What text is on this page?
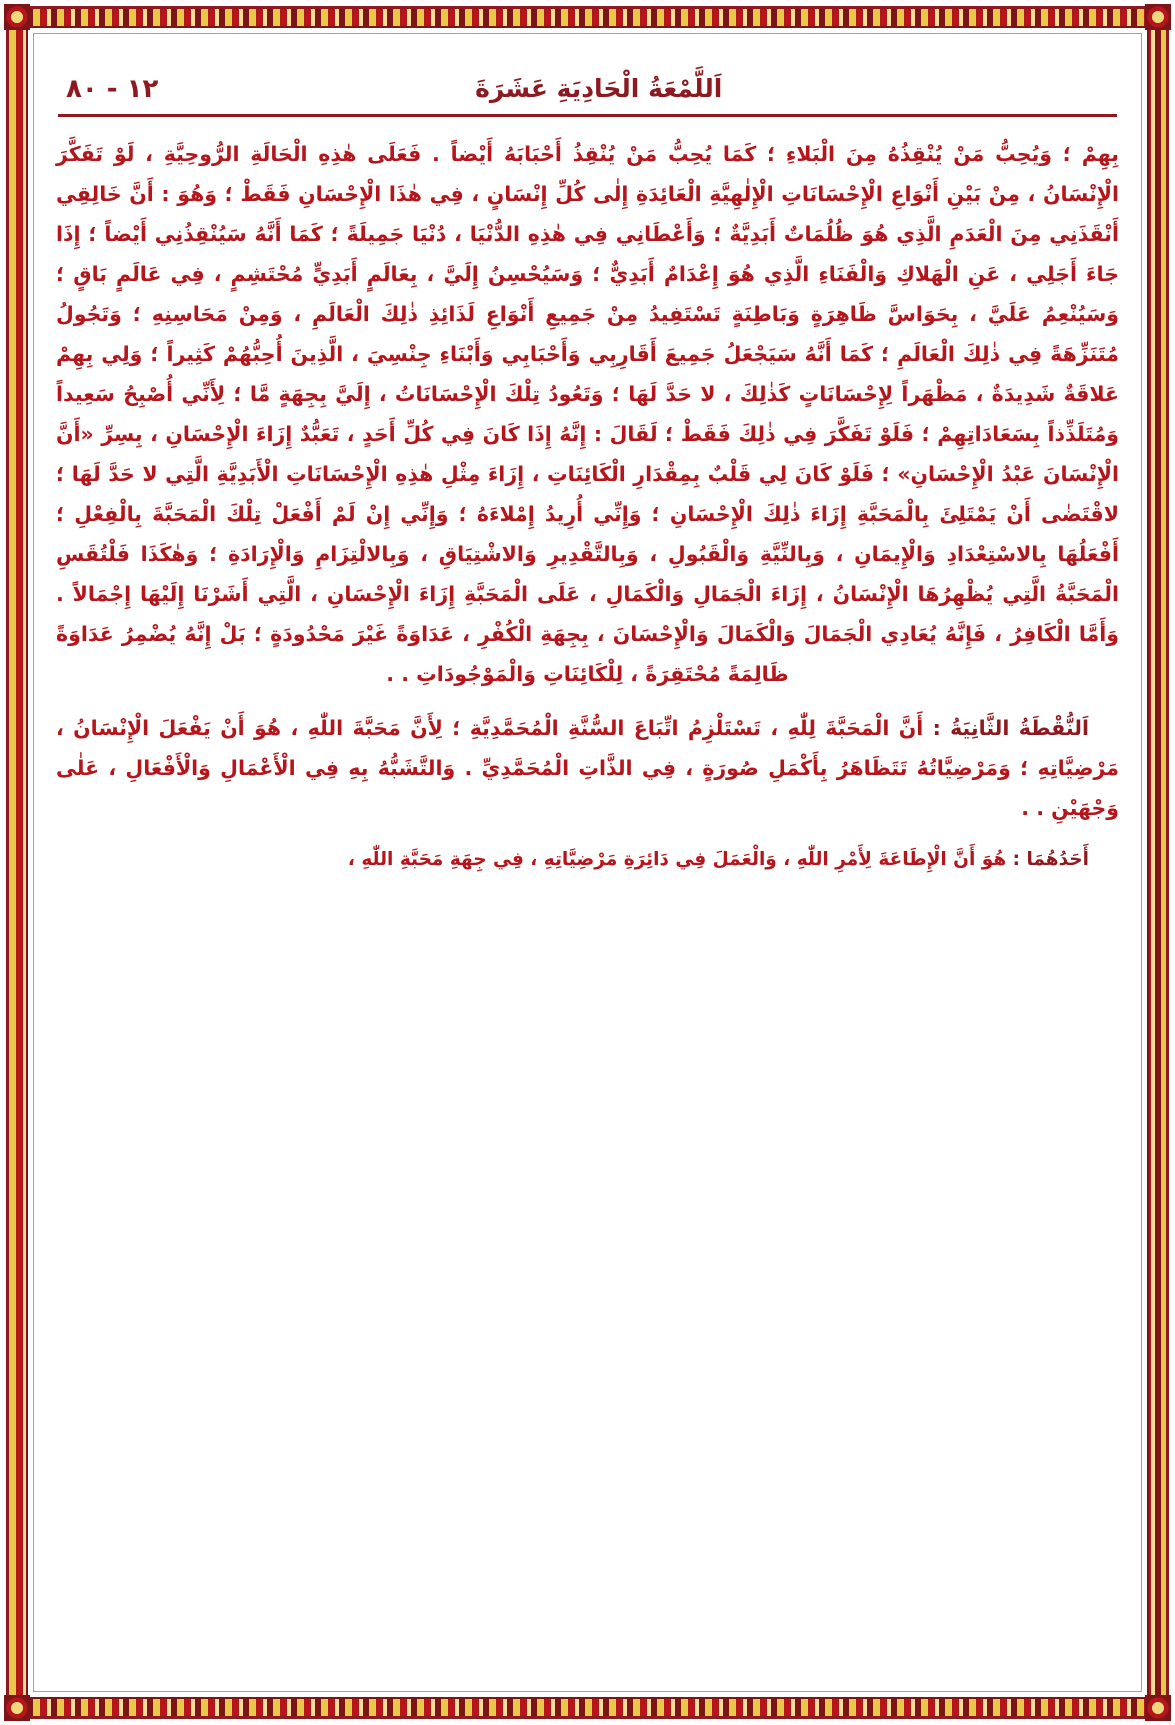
اَللَّمْعَةُ الْحَادِيَةِ عَشَرَةَ
١٢ - ٨٠

بِهِمْ ؛ وَيُحِبُّ مَنْ يُنْقِذُهُ مِنَ الْبَلاءِ ؛ كَمَا يُحِبُّ مَنْ يُنْقِذُ أَحْبَابَهُ أَيْضاً . فَعَلَى هٰذِهِ الْحَالَةِ الرُّوحِيَّةِ ، لَوْ تَفَكَّرَ الْإِنْسَانُ ، مِنْ بَيْنِ أَنْوَاعِ الْإِحْسَانَاتِ الْإِلٰهِيَّةِ الْعَائِدَةِ إِلٰى كُلِّ إِنْسَانٍ ، فِي هٰذَا الْإِحْسَانِ فَقَطْ ؛ وَهُوَ : أَنَّ خَالِقِي أَنْقَذَنِي مِنَ الْعَدَمِ الَّذِي هُوَ ظُلُمَاتٌ أَبَدِيَّةٌ ؛ وَأَعْطَانِي فِي هٰذِهِ الدُّنْيَا ، دُنْيَا جَمِيلَةً ؛ كَمَا أَنَّهُ سَيُنْقِذُنِي أَيْضاً ؛ إِذَا جَاءَ أَجَلِي ، عَنِ الْهَلاكِ وَالْفَنَاءِ الَّذِي هُوَ إِعْدَامٌ أَبَدِيٌّ ؛ وَسَيُحْسِنُ إِلَيَّ ، بِعَالَمٍ أَبَدِيٍّ مُحْتَشِمٍ ، فِي عَالَمٍ بَاقٍ ؛ وَسَيُنْعِمُ عَلَيَّ ، بِحَوَاسَّ ظَاهِرَةٍ وَبَاطِنَةٍ تَسْتَفِيدُ مِنْ جَمِيعِ أَنْوَاعِ لَذَائِذِ ذٰلِكَ الْعَالَمِ ، وَمِنْ مَحَاسِنِهِ ؛ وَتَجُولُ مُتَنَزِّهَةً فِي ذٰلِكَ الْعَالَمِ ؛ كَمَا أَنَّهُ سَيَجْعَلُ جَمِيعَ أَقَارِبِي وَأَحْبَابِي وَأَبْنَاءِ جِنْسِيَ ، الَّذِينَ أُحِبُّهُمْ كَثِيراً ؛ وَلِي بِهِمْ عَلاقَةٌ شَدِيدَةٌ ، مَظْهَراً لِإِحْسَانَاتٍ كَذٰلِكَ ، لا حَدَّ لَهَا ؛ وَتَعُودُ تِلْكَ الْإِحْسَانَاتُ ، إِلَيَّ بِجِهَةٍ مَّا ؛ لِأَنِّي أُصْبِحُ سَعِيداً وَمُتَلَذِّذاً بِسَعَادَاتِهِمْ ؛ فَلَوْ تَفَكَّرَ فِي ذٰلِكَ فَقَطْ ؛ لَقَالَ : إِنَّهُ إِذَا كَانَ فِي كُلِّ أَحَدٍ ، تَعَبُّدٌ إِزَاءَ الْإِحْسَانِ ، بِسِرِّ «أَنَّ الْإِنْسَانَ عَبْدُ الْإِحْسَانِ» ؛ فَلَوْ كَانَ لِي قَلْبٌ بِمِقْدَارِ الْكَائِنَاتِ ، إِزَاءَ مِثْلِ هٰذِهِ الْإِحْسَانَاتِ الْأَبَدِيَّةِ الَّتِي لا حَدَّ لَهَا ؛ لاقْتَضٰى أَنْ يَمْتَلِئَ بِالْمَحَبَّةِ إِزَاءَ ذٰلِكَ الْإِحْسَانِ ؛ وَإِنِّي أُرِيدُ إِمْلاءَهُ ؛ وَإِنِّي إِنْ لَمْ أَفْعَلْ تِلْكَ الْمَحَبَّةَ بِالْفِعْلِ ؛ أَفْعَلُهَا بِالاسْتِعْدَادِ وَالْإِيمَانِ ، وَبِالنِّيَّةِ وَالْقَبُولِ ، وَبِالتَّقْدِيرِ وَالاشْتِيَاقِ ، وَبِالالْتِزَامِ وَالْإِرَادَةِ ؛ وَهٰكَذَا فَلْتُقَسِ الْمَحَبَّةُ الَّتِي يُظْهِرُهَا الْإِنْسَانُ ، إِزَاءَ الْجَمَالِ وَالْكَمَالِ ، عَلَى الْمَحَبَّةِ إِزَاءَ الْإِحْسَانِ ، الَّتِي أَشَرْنَا إِلَيْهَا إِجْمَالاً . وَأَمَّا الْكَافِرُ ، فَإِنَّهُ يُعَادِي الْجَمَالَ وَالْكَمَالَ وَالْإِحْسَانَ ، بِجِهَةِ الْكُفْرِ ، عَدَاوَةً غَيْرَ مَحْدُودَةٍ ؛ بَلْ إِنَّهُ يُضْمِرُ عَدَاوَةً ظَالِمَةً مُحْتَقِرَةً ، لِلْكَائِنَاتِ وَالْمَوْجُودَاتِ . .

اَلنُّقْطَةُ الثَّانِيَةُ : أَنَّ الْمَحَبَّةَ لِلّٰهِ ، تَسْتَلْزِمُ اتِّبَاعَ السُّنَّةِ الْمُحَمَّدِيَّةِ ؛ لِأَنَّ مَحَبَّةَ اللّٰهِ ، هُوَ أَنْ يَفْعَلَ الْإِنْسَانُ ، مَرْضِيَّاتِهِ ؛ وَمَرْضِيَّاتُهُ تَتَظَاهَرُ بِأَكْمَلِ صُورَةٍ ، فِي الذَّاتِ الْمُحَمَّدِيِّ . وَالتَّشَبُّهُ بِهِ فِي الْأَعْمَالِ وَالْأَفْعَالِ ، عَلٰى وَجْهَيْنِ . .

أَحَدُهُمَا : هُوَ أَنَّ الْإِطَاعَةَ لِأَمْرِ اللّٰهِ ، وَالْعَمَلَ فِي دَائِرَةِ مَرْضِيَّاتِهِ ، فِي جِهَةِ مَحَبَّةِ اللّٰهِ ،
